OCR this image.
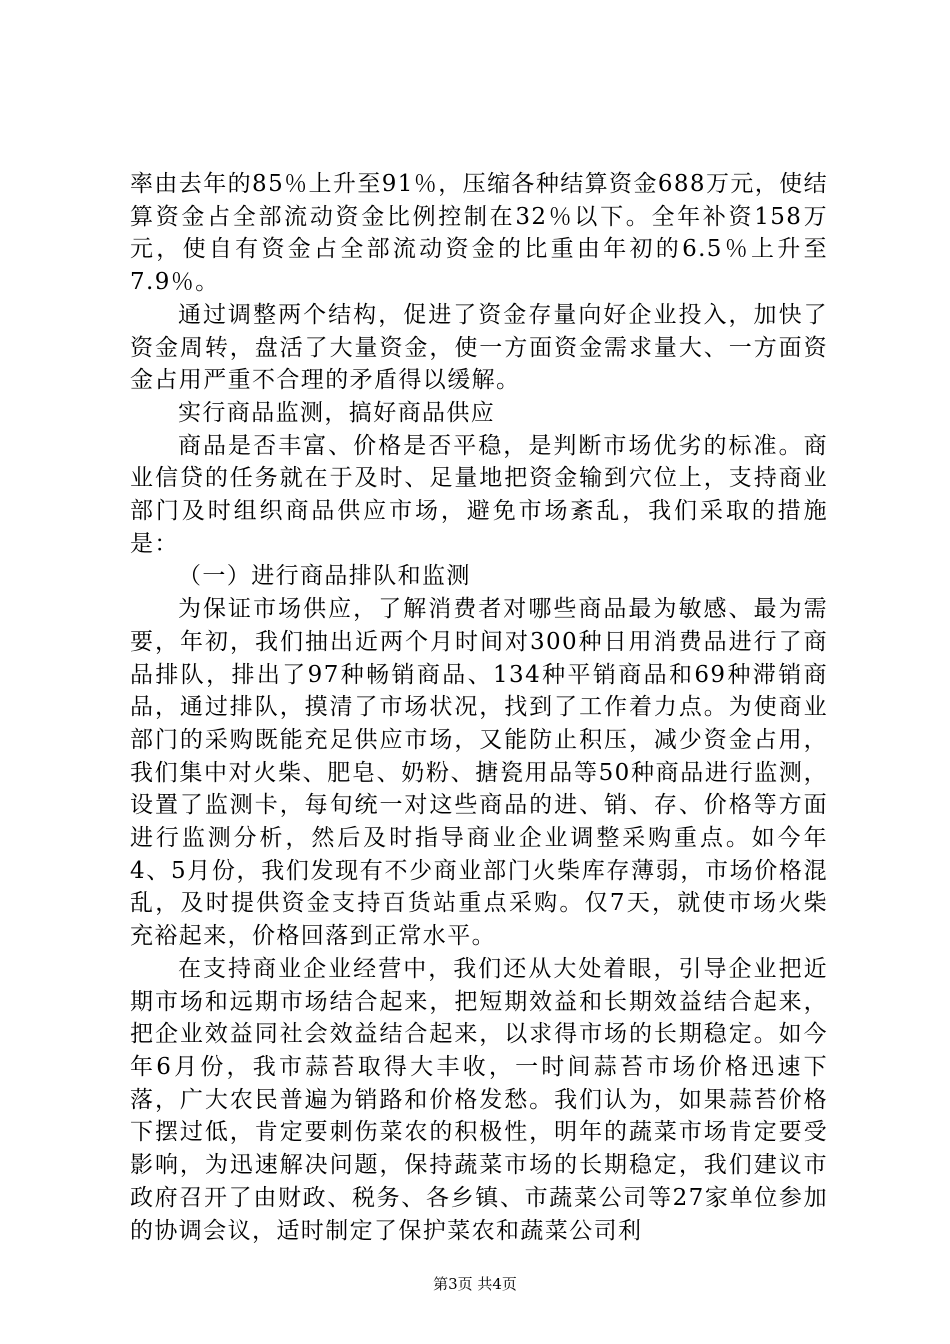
率由去年的85％上升至91％，压缩各种结算资金688万元，使结算资金占全部流动资金比例控制在32％以下。全年补资158万元，使自有资金占全部流动资金的比重由年初的6.5％上升至7.9％。

通过调整两个结构，促进了资金存量向好企业投入，加快了资金周转，盘活了大量资金，使一方面资金需求量大、一方面资金占用严重不合理的矛盾得以缓解。

实行商品监测，搞好商品供应

商品是否丰富、价格是否平稳，是判断市场优劣的标准。商业信贷的任务就在于及时、足量地把资金输到穴位上，支持商业部门及时组织商品供应市场，避免市场紊乱，我们采取的措施是：

（一）进行商品排队和监测

为保证市场供应，了解消费者对哪些商品最为敏感、最为需要，年初，我们抽出近两个月时间对300种日用消费品进行了商品排队，排出了97种畅销商品、134种平销商品和69种滞销商品，通过排队，摸清了市场状况，找到了工作着力点。为使商业部门的采购既能充足供应市场，又能防止积压，减少资金占用，我们集中对火柴、肥皂、奶粉、搪瓷用品等50种商品进行监测，设置了监测卡，每旬统一对这些商品的进、销、存、价格等方面进行监测分析，然后及时指导商业企业调整采购重点。如今年4、5月份，我们发现有不少商业部门火柴库存薄弱，市场价格混乱，及时提供资金支持百货站重点采购。仅7天，就使市场火柴充裕起来，价格回落到正常水平。

在支持商业企业经营中，我们还从大处着眼，引导企业把近期市场和远期市场结合起来，把短期效益和长期效益结合起来，把企业效益同社会效益结合起来，以求得市场的长期稳定。如今年6月份，我市蒜苔取得大丰收，一时间蒜苔市场价格迅速下落，广大农民普遍为销路和价格发愁。我们认为，如果蒜苔价格下摆过低，肯定要刺伤菜农的积极性，明年的蔬菜市场肯定要受影响，为迅速解决问题，保持蔬菜市场的长期稳定，我们建议市政府召开了由财政、税务、各乡镇、市蔬菜公司等27家单位参加的协调会议，适时制定了保护菜农和蔬菜公司利

第3页 共4页
